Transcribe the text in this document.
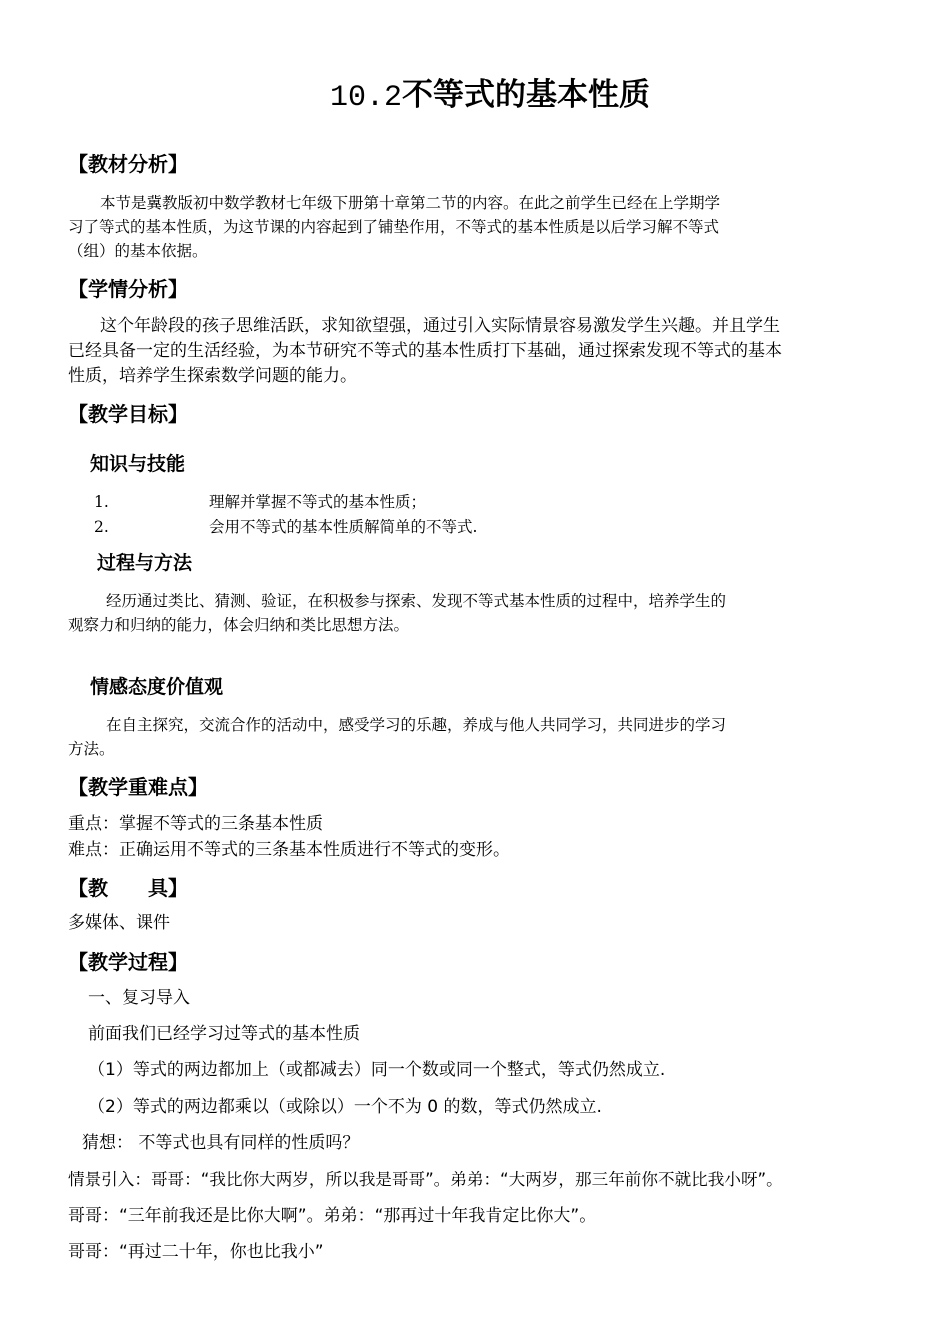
10.2不等式的基本性质
【教材分析】
本节是冀教版初中数学教材七年级下册第十章第二节的内容。在此之前学生已经在上学期学
习了等式的基本性质，为这节课的内容起到了铺垫作用，不等式的基本性质是以后学习解不等式
（组）的基本依据。
【学情分析】
这个年龄段的孩子思维活跃，求知欲望强，通过引入实际情景容易激发学生兴趣。并且学生
已经具备一定的生活经验，为本节研究不等式的基本性质打下基础，通过探索发现不等式的基本
性质，培养学生探索数学问题的能力。
【教学目标】
知识与技能
1.	理解并掌握不等式的基本性质；
2.	会用不等式的基本性质解简单的不等式.
过程与方法
经历通过类比、猜测、验证，在积极参与探索、发现不等式基本性质的过程中，培养学生的
观察力和归纳的能力，体会归纳和类比思想方法。
情感态度价值观
在自主探究，交流合作的活动中，感受学习的乐趣，养成与他人共同学习，共同进步的学习
方法。
【教学重难点】
重点：掌握不等式的三条基本性质
难点：正确运用不等式的三条基本性质进行不等式的变形。
【教　　具】
多媒体、课件
【教学过程】
一、复习导入
前面我们已经学习过等式的基本性质
（1）等式的两边都加上（或都减去）同一个数或同一个整式，等式仍然成立.
（2）等式的两边都乘以（或除以）一个不为 0 的数，等式仍然成立.
猜想： 不等式也具有同样的性质吗？
情景引入：哥哥：“我比你大两岁，所以我是哥哥”。弟弟：“大两岁，那三年前你不就比我小呀”。
哥哥：“三年前我还是比你大啊”。弟弟：“那再过十年我肯定比你大”。
哥哥：“再过二十年，你也比我小”
